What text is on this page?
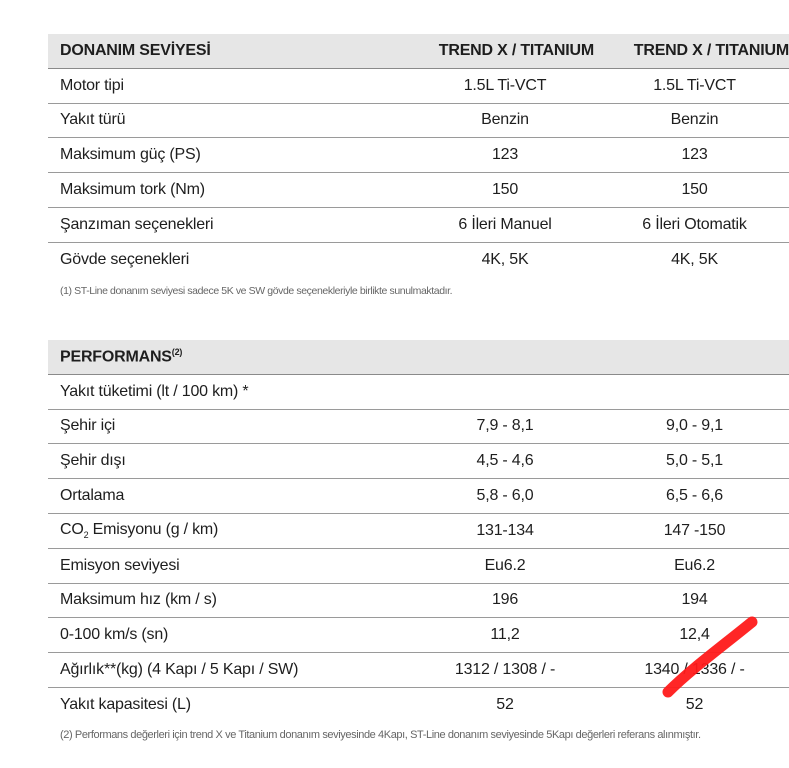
DONANIM SEVİYESİ	TREND X / TITANIUM	TREND X / TITANIUM
Motor tipi	1.5L Ti-VCT	1.5L Ti-VCT
Yakıt türü	Benzin	Benzin
Maksimum güç (PS)	123	123
Maksimum tork (Nm)	150	150
Şanzıman seçenekleri	6 İleri Manuel	6 İleri Otomatik
Gövde seçenekleri	4K, 5K	4K, 5K
(1) ST-Line donanım seviyesi sadece 5K ve SW gövde seçenekleriyle birlikte sunulmaktadır.
PERFORMANS$^{(2)}$
Yakıt tüketimi (lt / 100 km) *
Şehir içi	7,9 - 8,1	9,0 - 9,1
Şehir dışı	4,5 - 4,6	5,0 - 5,1
Ortalama	5,8 - 6,0	6,5 - 6,6
$CO_2$ Emisyonu (g / km)	131-134	147 -150
Emisyon seviyesi	Eu6.2	Eu6.2
Maksimum hız (km / s)	196	194
0-100 km/s (sn)	11,2	12,4
Ağırlık**(kg) (4 Kapı / 5 Kapı / SW)	1312 / 1308 / -	1340 / 1336 / -
Yakıt kapasitesi (L)	52	52
(2) Performans değerleri için trend X ve Titanium donanım seviyesinde 4Kapı, ST-Line donanım seviyesinde 5Kapı değerleri referans alınmıştır.
